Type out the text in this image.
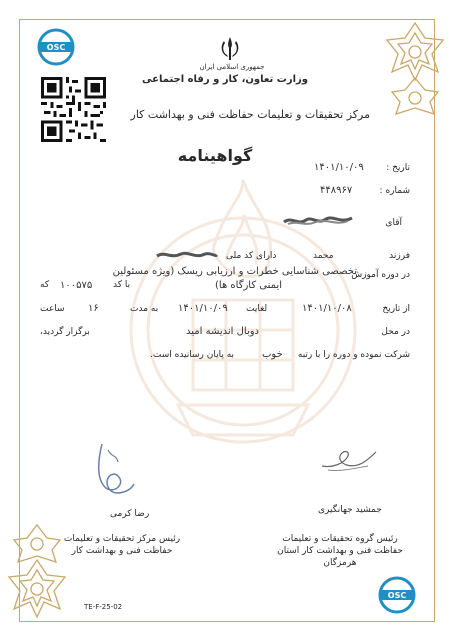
OSC
OSC
جمهوری اسلامی ایران
وزارت تعاون، کار و رفاه اجتماعی
مرکز تحقیقات و تعلیمات حفاظت فنی و بهداشت کار
گواهینامه
تاریخ :
۱۴۰۱/۱۰/۰۹
شماره :
۴۴۸۹۶۷
آقای
فرزند
محمد
دارای کد ملی
در دوره آموزش
تخصصی شناسایی خطرات و ارزیابی ریسک (ویژه مسئولین
ایمنی کارگاه ها)
با کد
۱۰۰۵۷۵
که
از تاریخ
۱۴۰۱/۱۰/۰۸
لغایت
۱۴۰۱/۱۰/۰۹
به مدت
۱۶
ساعت
در محل
دوبال اندیشه امید
برگزار گردید،
شرکت نموده و دوره را با رتبه
خوب
به پایان رسانیده است.
رضا کرمی
رئیس مرکز تحقیقات و تعلیمات
حفاظت فنی و بهداشت کار
جمشید جهانگیری
رئیس گروه تحقیقات و تعلیمات
حفاظت فنی و بهداشت کار استان
هرمزگان
TE-F-25-02
